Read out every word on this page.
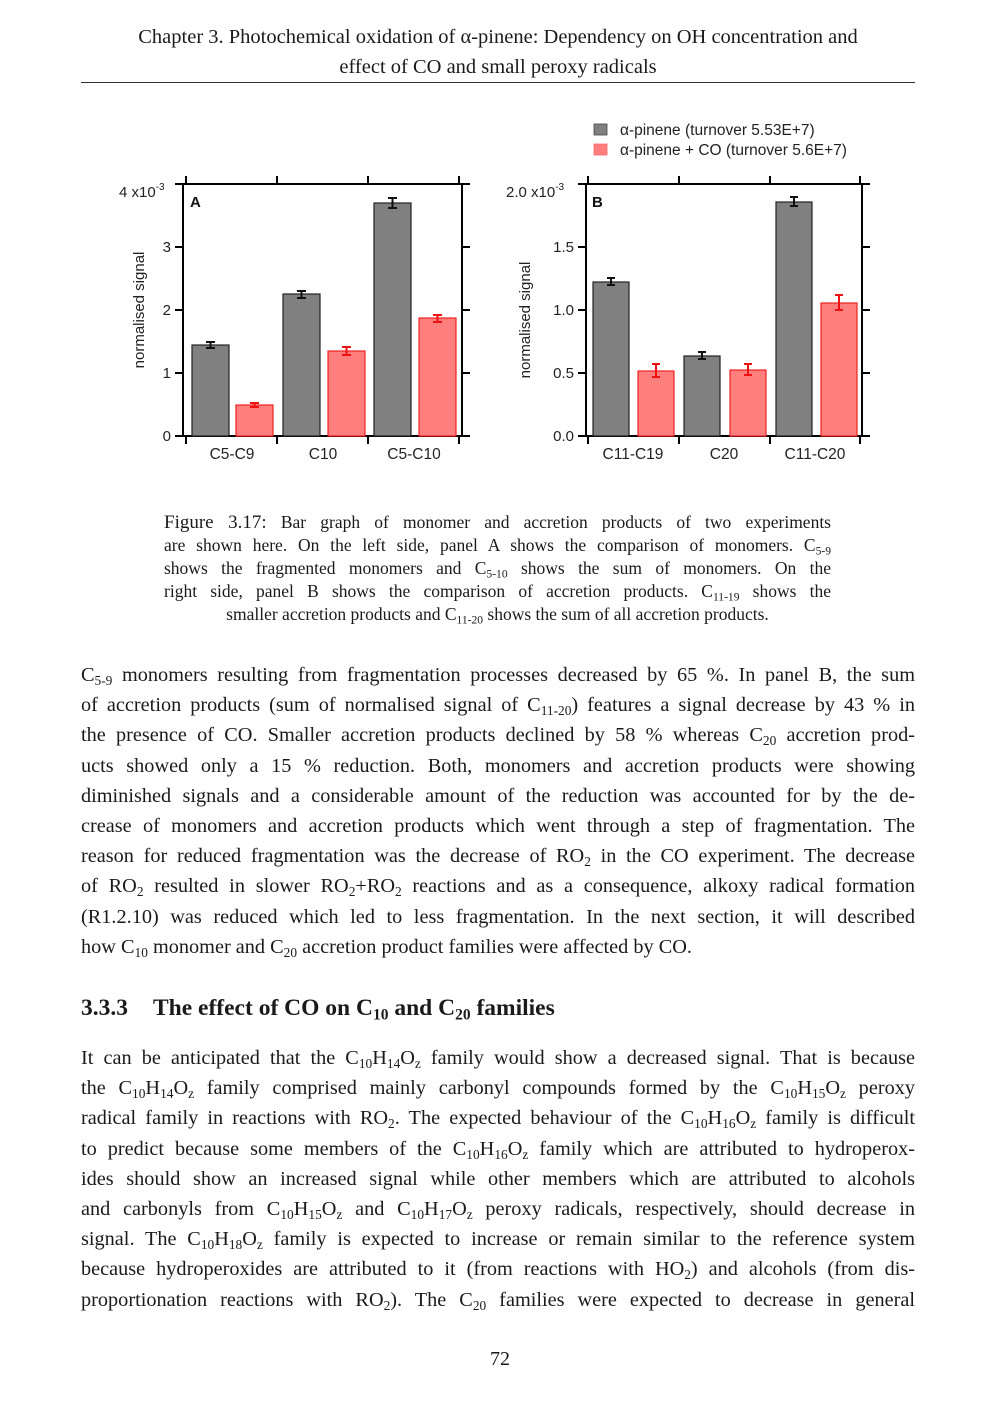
Chapter 3. Photochemical oxidation of α-pinene: Dependency on OH concentration and
effect of CO and small peroxy radicals
α-pinene (turnover 5.53E+7)
α-pinene + CO (turnover 5.6E+7)
0
1
2
3
4 $x10^{-3}$
A
normalised signal
C5-C9	C10	C5-C10
0.0
0.5
1.0
1.5
2.0 $x10^{-3}$
B
normalised signal
C11-C19	C20	C11-C20
Figure 3.17: Bar graph of monomer and accretion products of two experiments
are shown here. On the left side, panel A shows the comparison of monomers. $C_{5-9}$
shows the fragmented monomers and $C_{5-10}$ shows the sum of monomers. On the
right side, panel B shows the comparison of accretion products. $C_{11-19}$ shows the
smaller accretion products and $C_{11-20}$ shows the sum of all accretion products.
$C_{5-9}$ monomers resulting from fragmentation processes decreased by 65 %. In panel B, the sum
of accretion products (sum of normalised signal of $C_{11-20}$) features a signal decrease by 43 % in
the presence of CO. Smaller accretion products declined by 58 % whereas $C_{20}$ accretion prod-
ucts showed only a 15 % reduction. Both, monomers and accretion products were showing
diminished signals and a considerable amount of the reduction was accounted for by the de-
crease of monomers and accretion products which went through a step of fragmentation. The
reason for reduced fragmentation was the decrease of $RO_2$ in the CO experiment. The decrease
of $RO_2$ resulted in slower $RO_2+RO_2$ reactions and as a consequence, alkoxy radical formation
(R1.2.10) was reduced which led to less fragmentation. In the next section, it will described
how $C_{10}$ monomer and $C_{20}$ accretion product families were affected by CO.
3.3.3 The effect of CO on $C_{10}$ and $C_{20}$ families
It can be anticipated that the $C_{10}H_{14}O_z$ family would show a decreased signal. That is because
the $C_{10}H_{14}O_z$ family comprised mainly carbonyl compounds formed by the $C_{10}H_{15}O_z$ peroxy
radical family in reactions with $RO_2$. The expected behaviour of the $C_{10}H_{16}O_z$ family is difficult
to predict because some members of the $C_{10}H_{16}O_z$ family which are attributed to hydroperox-
ides should show an increased signal while other members which are attributed to alcohols
and carbonyls from $C_{10}H_{15}O_z$ and $C_{10}H_{17}O_z$ peroxy radicals, respectively, should decrease in
signal. The $C_{10}H_{18}O_z$ family is expected to increase or remain similar to the reference system
because hydroperoxides are attributed to it (from reactions with $HO_2$) and alcohols (from dis-
proportionation reactions with $RO_2$). The $C_{20}$ families were expected to decrease in general
72
